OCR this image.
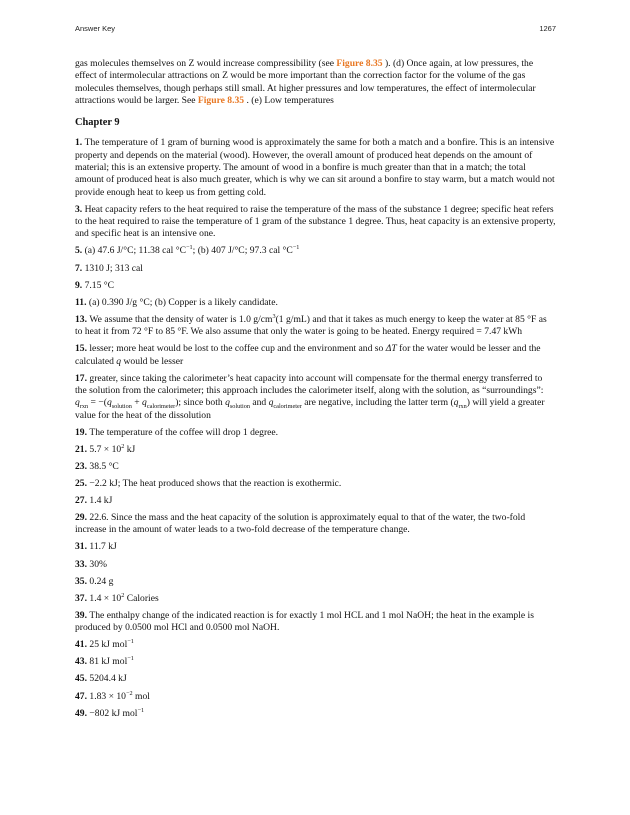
Answer Key	1267

gas molecules themselves on Z would increase compressibility (see Figure 8.35 ). (d) Once again, at low pressures, the effect of intermolecular attractions on Z would be more important than the correction factor for the volume of the gas molecules themselves, though perhaps still small. At higher pressures and low temperatures, the effect of intermolecular attractions would be larger. See Figure 8.35 . (e) Low temperatures

Chapter 9

1. The temperature of 1 gram of burning wood is approximately the same for both a match and a bonfire. This is an intensive property and depends on the material (wood). However, the overall amount of produced heat depends on the amount of material; this is an extensive property. The amount of wood in a bonfire is much greater than that in a match; the total amount of produced heat is also much greater, which is why we can sit around a bonfire to stay warm, but a match would not provide enough heat to keep us from getting cold.

3. Heat capacity refers to the heat required to raise the temperature of the mass of the substance 1 degree; specific heat refers to the heat required to raise the temperature of 1 gram of the substance 1 degree. Thus, heat capacity is an extensive property, and specific heat is an intensive one.

5. (a) 47.6 J/°C; 11.38 cal $^\circ C^{-1}$; (b) 407 J/°C; 97.3 cal $^\circ C^{-1}$

7. 1310 J; 313 cal

9. 7.15 °C

11. (a) 0.390 J/g °C; (b) Copper is a likely candidate.

13. We assume that the density of water is 1.0 $g/cm^3(1$ g/mL) and that it takes as much energy to keep the water at 85 °F as to heat it from 72 °F to 85 °F. We also assume that only the water is going to be heated. Energy required = 7.47 kWh

15. lesser; more heat would be lost to the coffee cup and the environment and so ΔT for the water would be lesser and the calculated q would be lesser

17. greater, since taking the calorimeter’s heat capacity into account will compensate for the thermal energy transferred to the solution from the calorimeter; this approach includes the calorimeter itself, along with the solution, as “surroundings”: $q_{rxn} = -(q_{solution} + q_{calorimeter})$; since both $q_{solution}$ and $q_{calorimeter}$ are negative, including the latter term $(q_{rxn})$ will yield a greater value for the heat of the dissolution

19. The temperature of the coffee will drop 1 degree.

21. $5.7 \times 10^2$ kJ

23. 38.5 °C

25. −2.2 kJ; The heat produced shows that the reaction is exothermic.

27. 1.4 kJ

29. 22.6. Since the mass and the heat capacity of the solution is approximately equal to that of the water, the two-fold increase in the amount of water leads to a two-fold decrease of the temperature change.

31. 11.7 kJ

33. 30%

35. 0.24 g

37. $1.4 \times 10^2$ Calories

39. The enthalpy change of the indicated reaction is for exactly 1 mol HCL and 1 mol NaOH; the heat in the example is produced by 0.0500 mol HCl and 0.0500 mol NaOH.

41. 25 kJ mol$^{-1}$

43. 81 kJ mol$^{-1}$

45. 5204.4 kJ

47. $1.83 \times 10^{-2}$ mol

49. −802 kJ mol$^{-1}$
